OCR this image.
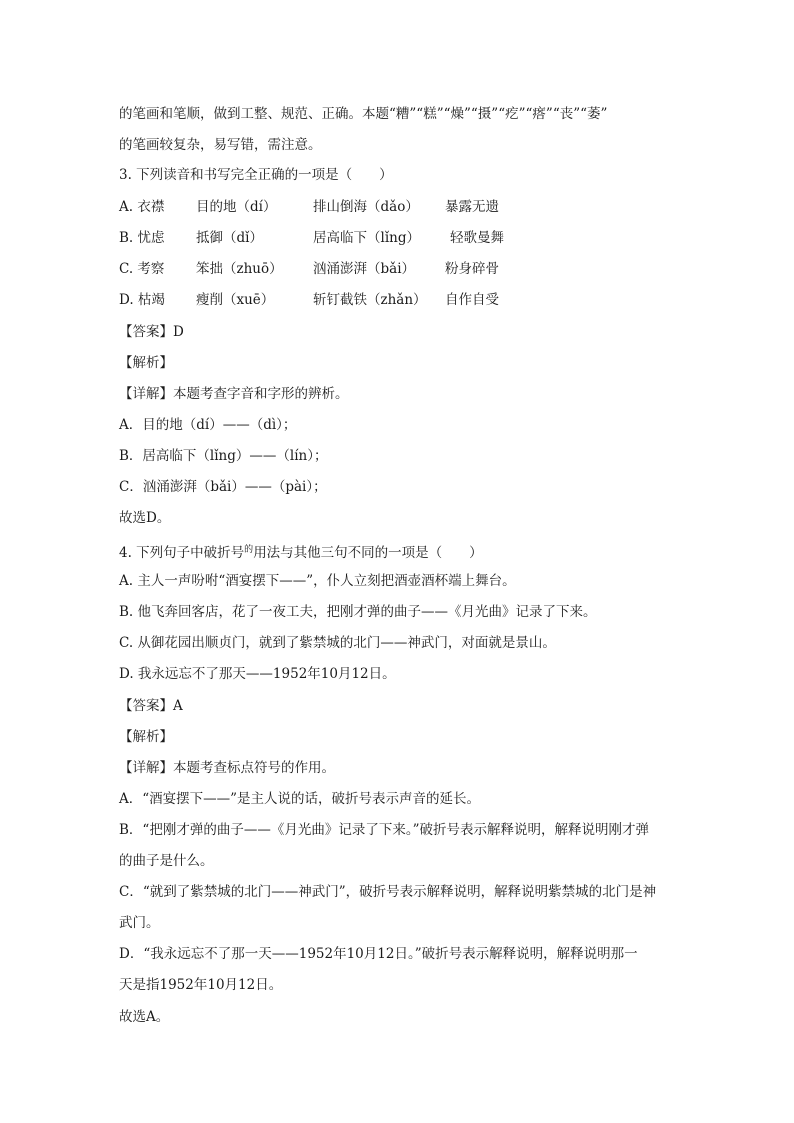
的笔画和笔顺，做到工整、规范、正确。本题“糟”“糕”“燥”“摄”“疙”“瘩”“丧”“萎”
的笔画较复杂，易写错，需注意。
3. 下列读音和书写完全正确的一项是（　　）
A. 衣襟	目的地（dí）	排山倒海（dǎo）	暴露无遗
B. 忧虑	抵御（dǐ）	居高临下（lǐng）	轻歌曼舞
C. 考察	笨拙（zhuō）	汹涌澎湃（bǎi）	粉身碎骨
D. 枯竭	瘦削（xuē）	斩钉截铁（zhǎn）	自作自受
【答案】D
【解析】
【详解】本题考查字音和字形的辨析。
A．目的地（dí）——（dì）；
B．居高临下（lǐng）——（lín）；
C．汹涌澎湃（bǎi）——（pài）；
故选D。
4. 下列句子中破折号$^的$用法与其他三句不同的一项是（　　）
A. 主人一声吩咐“酒宴摆下——”，仆人立刻把酒壶酒杯端上舞台。
B. 他飞奔回客店，花了一夜工夫，把刚才弹的曲子——《月光曲》记录了下来。
C. 从御花园出顺贞门，就到了紫禁城的北门——神武门，对面就是景山。
D. 我永远忘不了那天——1952年10月12日。
【答案】A
【解析】
【详解】本题考查标点符号的作用。
A．“酒宴摆下——”是主人说的话，破折号表示声音的延长。
B．“把刚才弹的曲子——《月光曲》记录了下来。”破折号表示解释说明，解释说明刚才弹
的曲子是什么。
C．“就到了紫禁城的北门——神武门”，破折号表示解释说明，解释说明紫禁城的北门是神
武门。
D．“我永远忘不了那一天——1952年10月12日。”破折号表示解释说明，解释说明那一
天是指1952年10月12日。
故选A。
